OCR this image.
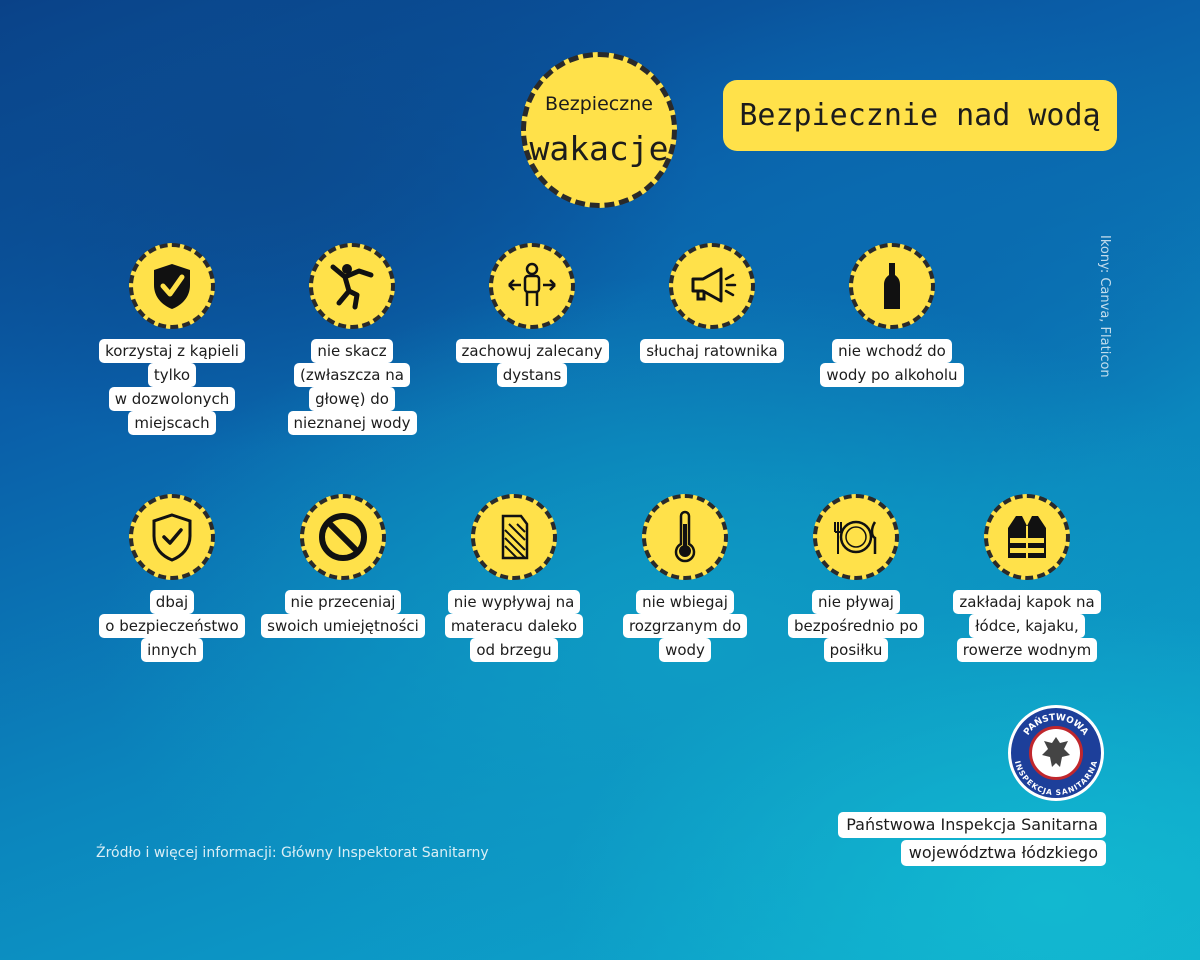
Bezpieczne
wakacje
Bezpiecznie nad wodą
Ikony: Canva, Flaticon
korzystaj z kąpieli
tylko
w dozwolonych
miejscach
nie skacz
(zwłaszcza na
głowę) do
nieznanej wody
zachowuj zalecany
dystans
słuchaj ratownika	nie wchodź do
wody po alkoholu
dbaj
o bezpieczeństwo
innych
nie przeceniaj
swoich umiejętności
nie wypływaj na
materacu daleko
od brzegu
nie wbiegaj
rozgrzanym do
wody
nie pływaj
bezpośrednio po
posiłku
zakładaj kapok na
łódce, kajaku,
rowerze wodnym
Źródło i więcej informacji: Główny Inspektorat Sanitarny
PAŃSTWOWA
INSPEKCJA SANITARNA
Państwowa Inspekcja Sanitarna
województwa łódzkiego
